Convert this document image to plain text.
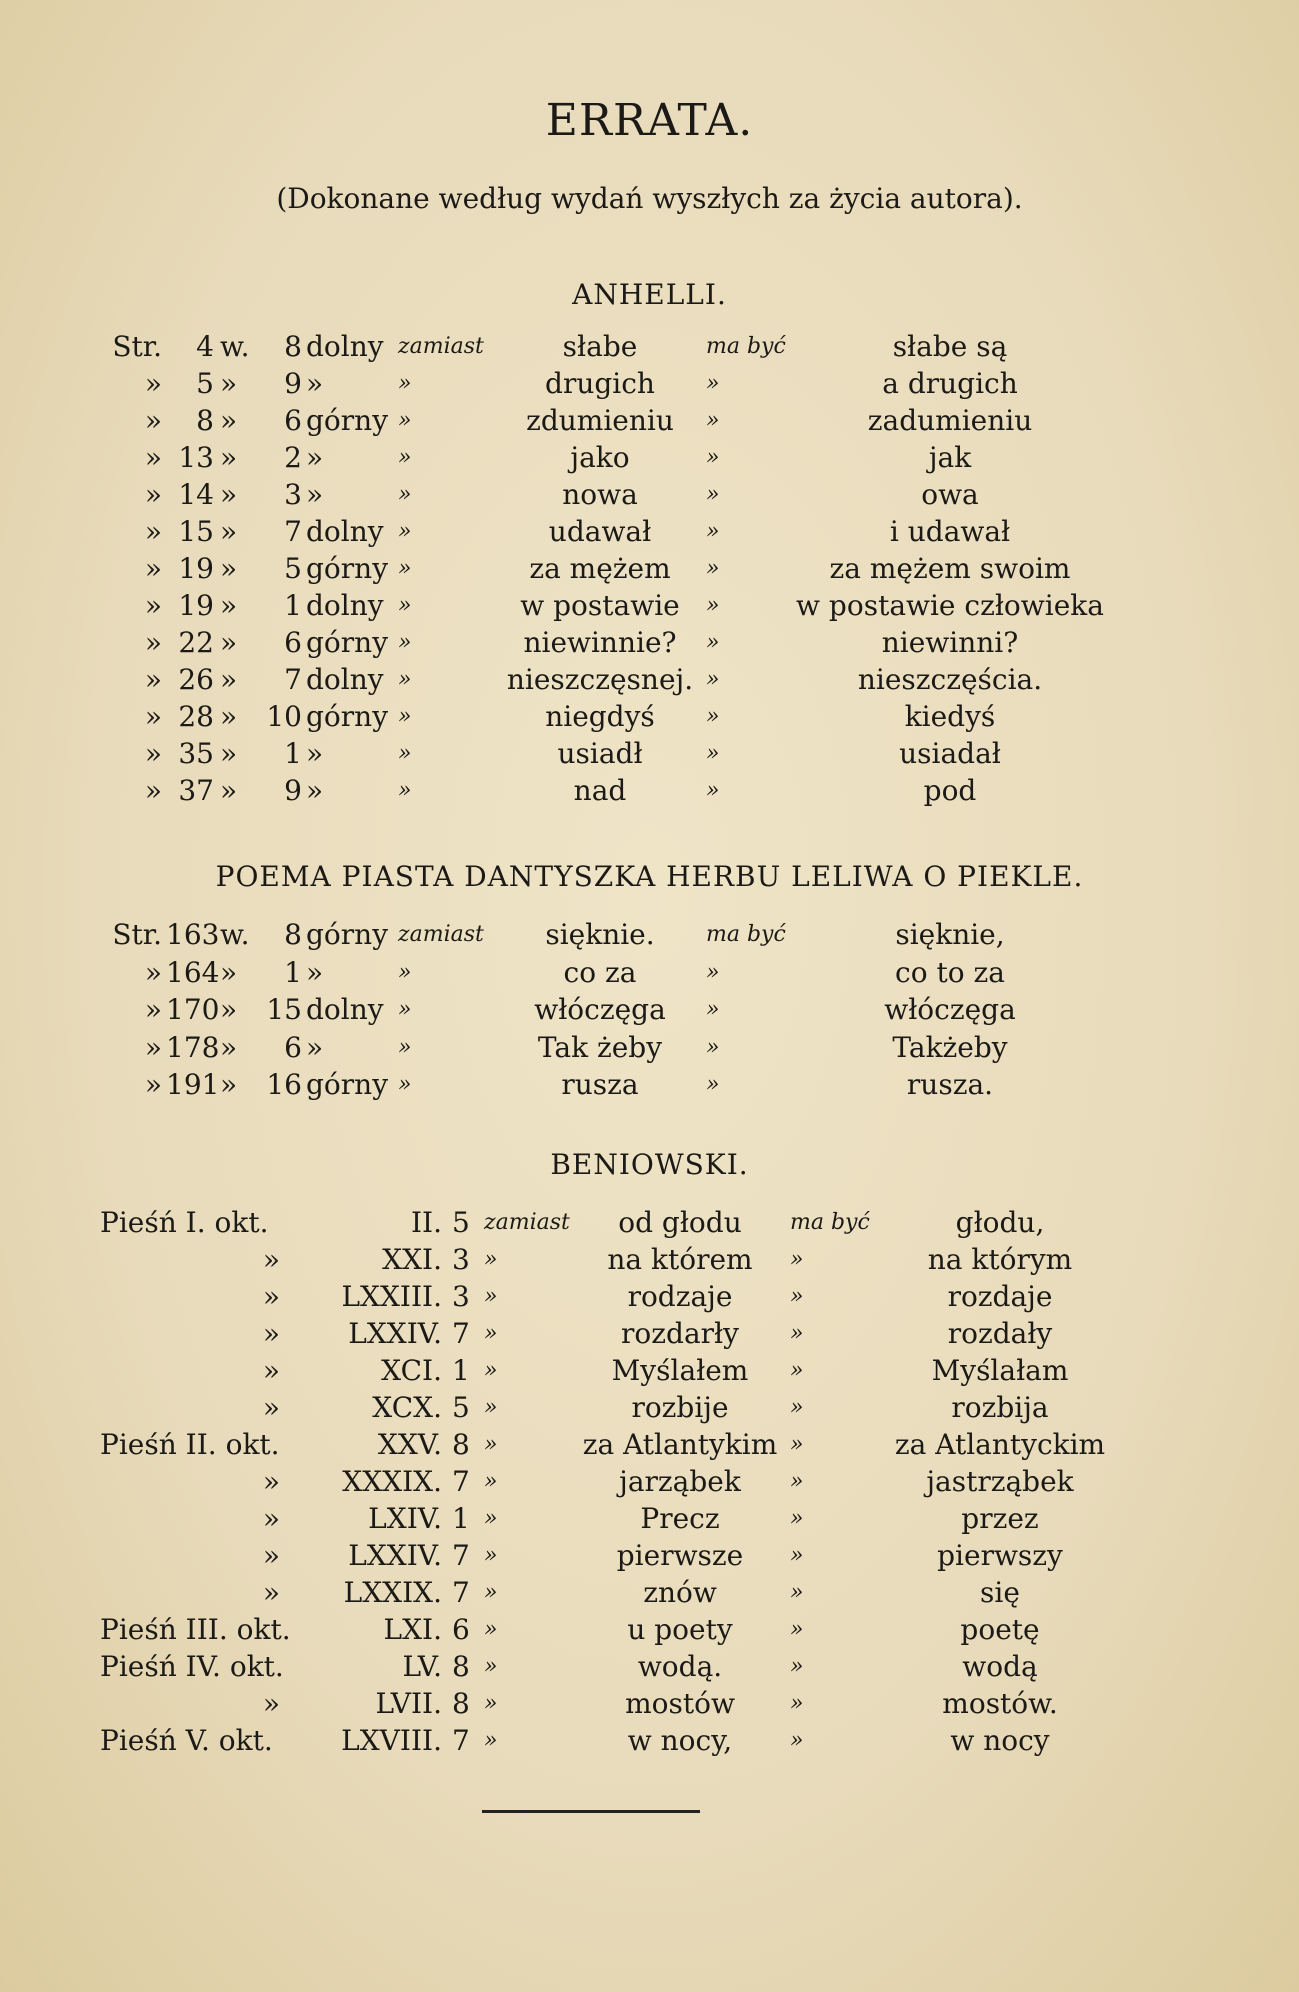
ERRATA.
(Dokonane według wydań wyszłych za życia autora).
ANHELLI.
Str.	4 w.	8 dolny zamiast	słabe	ma być	słabe są
»	5 »	9 »	»	drugich	»	a drugich
»	8 »	6 górny »	zdumieniu	»	zadumieniu
» 13 »	2 »	»	jako	»	jak
» 14 »	3 »	»	nowa	»	owa
» 15 »	7 dolny »	udawał	»	i udawał
» 19 »	5 górny »	za mężem	»	za mężem swoim
» 19 »	1 dolny »	w postawie	»	w postawie człowieka
» 22 »	6 górny »	niewinnie?	»	niewinni?
» 26 »	7 dolny »	nieszczęsnej. »	nieszczęścia.
» 28 »	10 górny »	niegdyś	»	kiedyś
» 35 »	1 »	»	usiadł	»	usiadał
» 37 »	9 »	»	nad	»	pod
POEMA PIASTA DANTYSZKA HERBU LELIWA O PIEKLE.
Str. 163 w.	8 górny zamiast	sięknie.	ma być	sięknie,
» 164 »	1 »	»	co za	»	co to za
» 170 »	15 dolny »	włóczęga	»	włóczęga
» 178 »	6 »	»	Tak żeby	»	Takżeby
» 191 »	16 górny »	rusza	»	rusza.
BENIOWSKI.
Pieśń I. okt.	II. 5 zamiast	od głodu	ma być	głodu,
»	XXI. 3 »	na którem	»	na którym
»	LXXIII. 3 »	rodzaje	»	rozdaje
»	LXXIV. 7 »	rozdarły	»	rozdały
»	XCI. 1 »	Myślałem	»	Myślałam
»	XCX. 5 »	rozbije	»	rozbija
Pieśń II. okt.	XXV. 8 »	za Atlantykim »	za Atlantyckim
»	XXXIX. 7 »	jarząbek	»	jastrząbek
»	LXIV. 1 »	Precz	»	przez
»	LXXIV. 7 »	pierwsze	»	pierwszy
»	LXXIX. 7 »	znów	»	się
Pieśń III. okt.	LXI. 6 »	u poety	»	poetę
Pieśń IV. okt.	LV. 8 »	wodą.	»	wodą
»	LVII. 8 »	mostów	»	mostów.
Pieśń V. okt.	LXVIII. 7 »	w nocy,	»	w nocy
